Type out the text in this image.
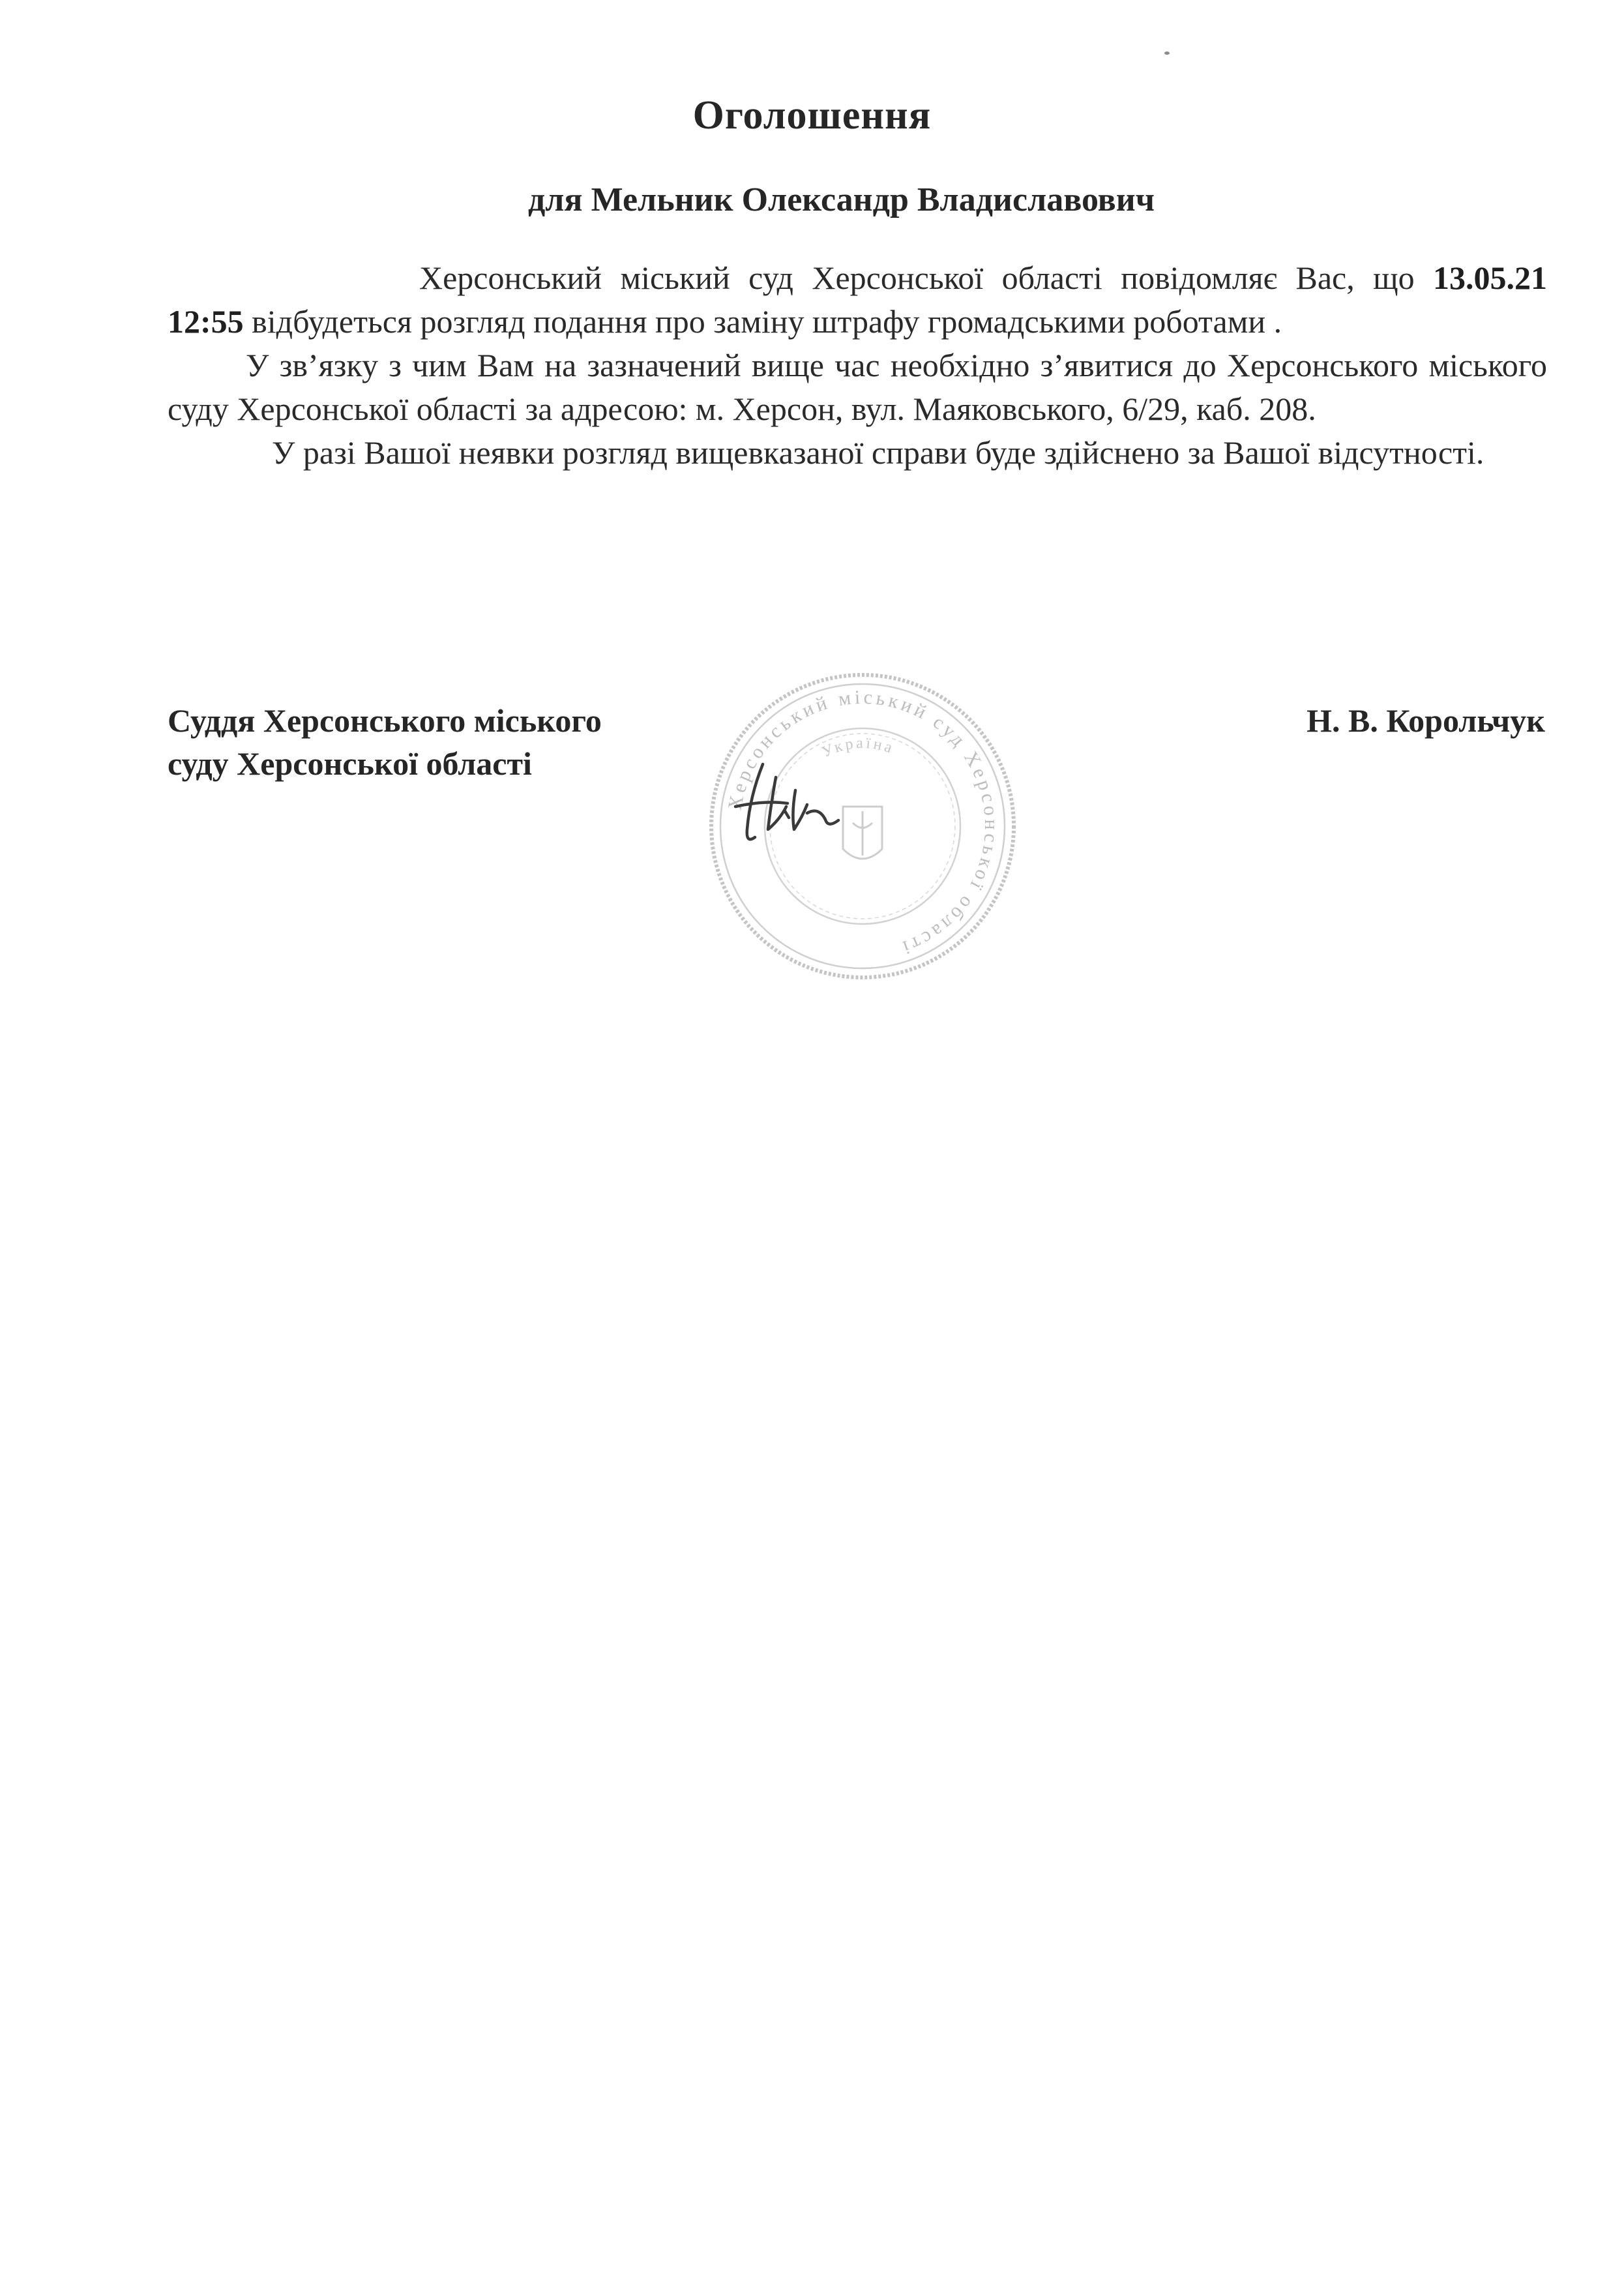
Оголошення
для Мельник Олександр Владиславович

Херсонський міський суд Херсонської області повідомляє Вас, що 13.05.21 12:55 відбудеться розгляд подання про заміну штрафу громадськими роботами .

У зв’язку з чим Вам на зазначений вище час необхідно з’явитися до Херсонського міського суду Херсонської області за адресою: м. Херсон, вул. Маяковського, 6/29, каб. 208.

У разі Вашої неявки розгляд вищевказаної справи буде здійснено за Вашої відсутності.

Суддя Херсонського міського
суду Херсонської області
Н. В. Корольчук
Херсонський міський суд Херсонської області
Україна
